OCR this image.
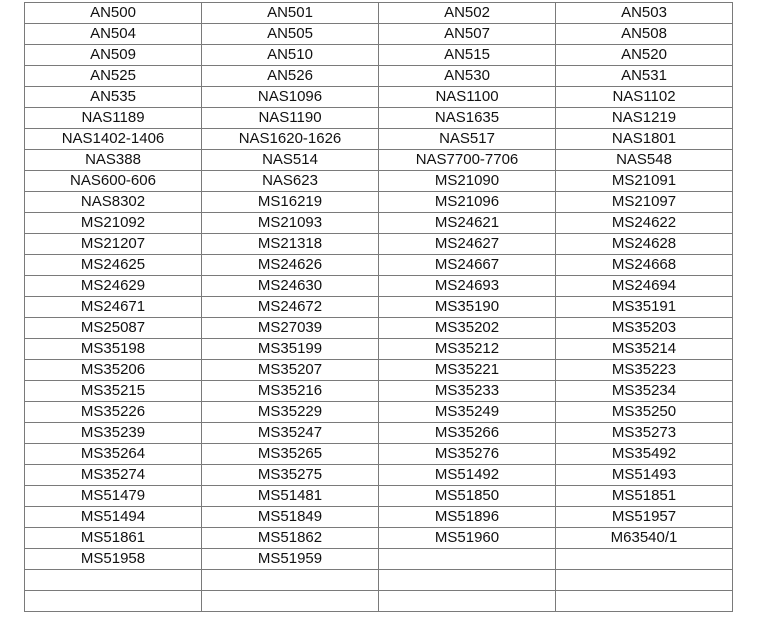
AN500	AN501	AN502	AN503
AN504	AN505	AN507	AN508
AN509	AN510	AN515	AN520
AN525	AN526	AN530	AN531
AN535	NAS1096	NAS1100	NAS1102
NAS1189	NAS1190	NAS1635	NAS1219
NAS1402-1406	NAS1620-1626	NAS517	NAS1801
NAS388	NAS514	NAS7700-7706	NAS548
NAS600-606	NAS623	MS21090	MS21091
NAS8302	MS16219	MS21096	MS21097
MS21092	MS21093	MS24621	MS24622
MS21207	MS21318	MS24627	MS24628
MS24625	MS24626	MS24667	MS24668
MS24629	MS24630	MS24693	MS24694
MS24671	MS24672	MS35190	MS35191
MS25087	MS27039	MS35202	MS35203
MS35198	MS35199	MS35212	MS35214
MS35206	MS35207	MS35221	MS35223
MS35215	MS35216	MS35233	MS35234
MS35226	MS35229	MS35249	MS35250
MS35239	MS35247	MS35266	MS35273
MS35264	MS35265	MS35276	MS35492
MS35274	MS35275	MS51492	MS51493
MS51479	MS51481	MS51850	MS51851
MS51494	MS51849	MS51896	MS51957
MS51861	MS51862	MS51960	M63540/1
MS51958	MS51959		
